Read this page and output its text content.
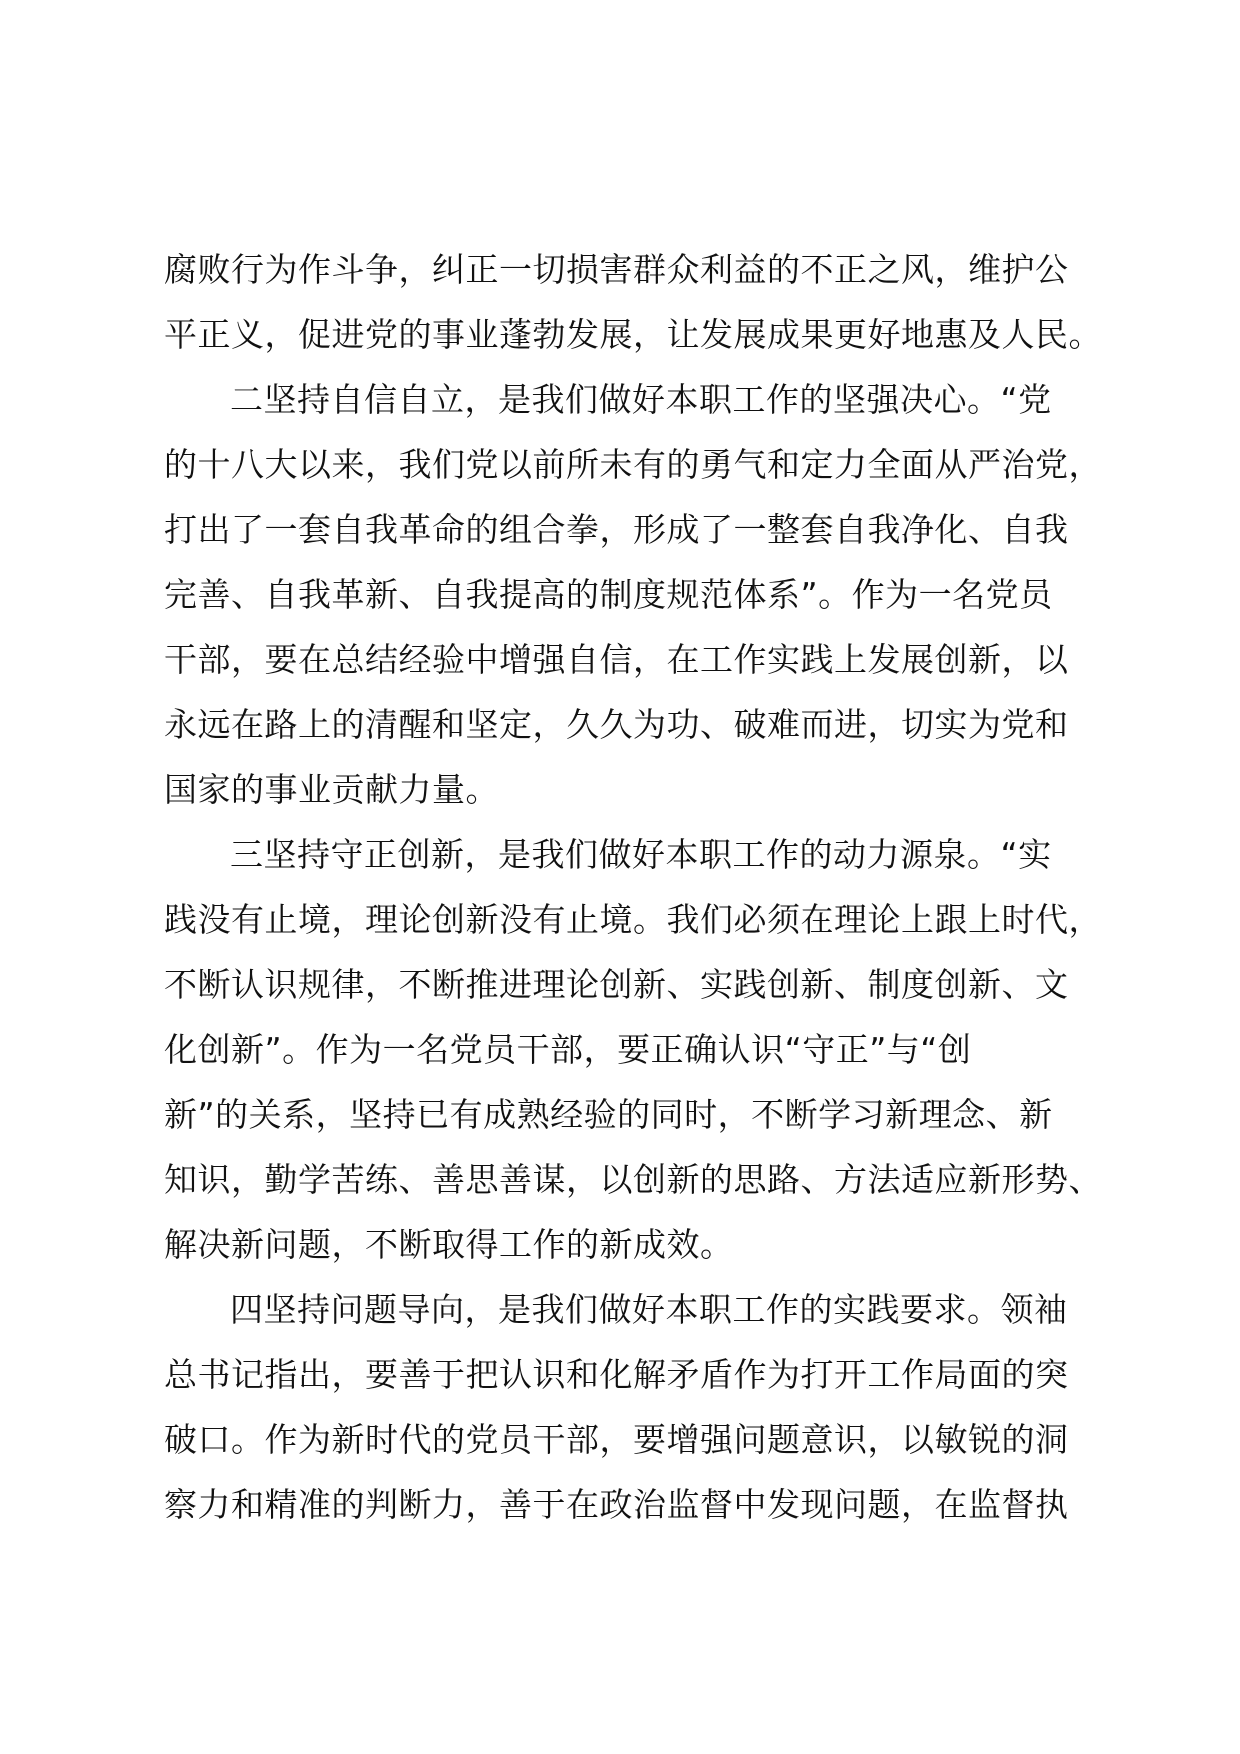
腐败行为作斗争，纠正一切损害群众利益的不正之风，维护公
平正义，促进党的事业蓬勃发展，让发展成果更好地惠及人民。
二坚持自信自立，是我们做好本职工作的坚强决心。“党
的十八大以来，我们党以前所未有的勇气和定力全面从严治党，
打出了一套自我革命的组合拳，形成了一整套自我净化、自我
完善、自我革新、自我提高的制度规范体系”。作为一名党员
干部，要在总结经验中增强自信，在工作实践上发展创新，以
永远在路上的清醒和坚定，久久为功、破难而进，切实为党和
国家的事业贡献力量。
三坚持守正创新，是我们做好本职工作的动力源泉。“实
践没有止境，理论创新没有止境。我们必须在理论上跟上时代，
不断认识规律，不断推进理论创新、实践创新、制度创新、文
化创新”。作为一名党员干部，要正确认识“守正”与“创
新”的关系，坚持已有成熟经验的同时，不断学习新理念、新
知识，勤学苦练、善思善谋，以创新的思路、方法适应新形势、
解决新问题，不断取得工作的新成效。
四坚持问题导向，是我们做好本职工作的实践要求。领袖
总书记指出，要善于把认识和化解矛盾作为打开工作局面的突
破口。作为新时代的党员干部，要增强问题意识，以敏锐的洞
察力和精准的判断力，善于在政治监督中发现问题，在监督执
